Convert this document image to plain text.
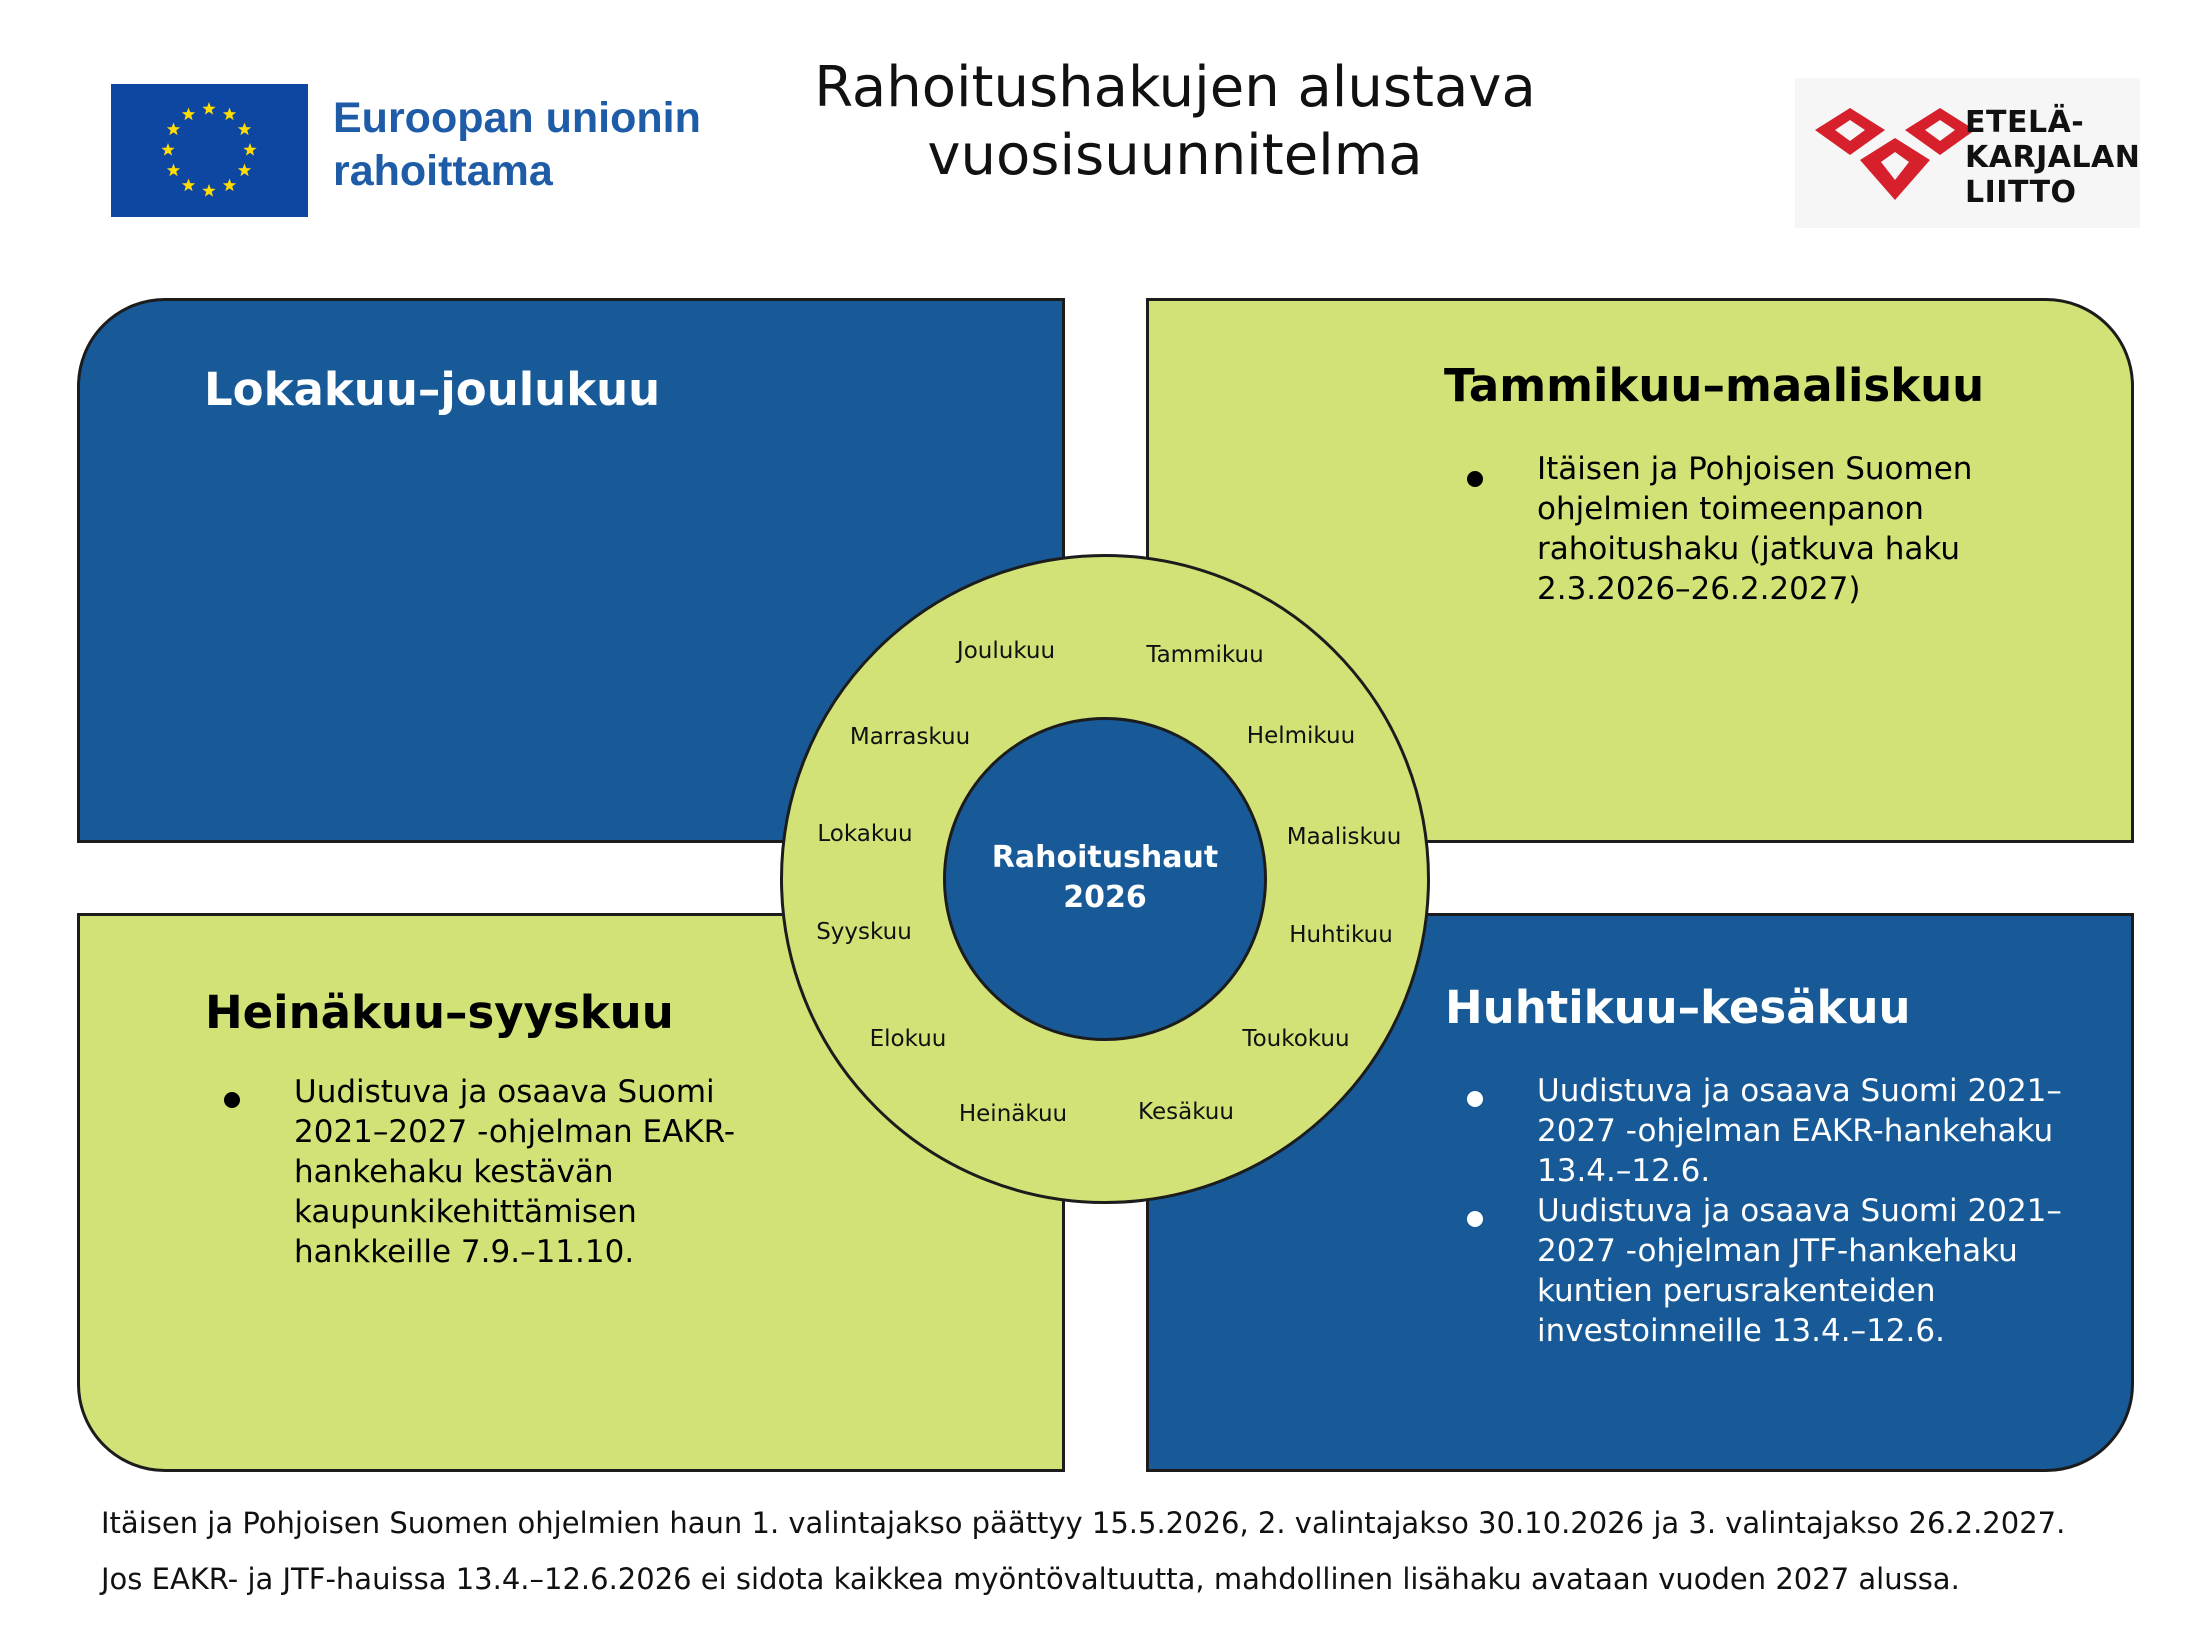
Euroopan unionin
rahoittama
Rahoitushakujen alustava
vuosisuunnitelma
ETELÄ-
KARJALAN
LIITTO
Lokakuu–joulukuu	Tammikuu–maaliskuu
Itäisen ja Pohjoisen Suomen ohjelmien toimeenpanon rahoitushaku (jatkuva haku 2.3.2026–26.2.2027)
Heinäkuu–syyskuu
Uudistuva ja osaava Suomi 2021–2027 -ohjelman EAKR-hankehaku kestävän kaupunkikehittämisen hankkeille 7.9.–11.10.
Huhtikuu–kesäkuu
Uudistuva ja osaava Suomi 2021–2027 -ohjelman EAKR-hankehaku 13.4.–12.6.
Uudistuva ja osaava Suomi 2021–2027 -ohjelman JTF-hankehaku kuntien perusrakenteiden investoinneille 13.4.–12.6.
Rahoitushaut
2026
Tammikuu
Helmikuu
Maaliskuu
Huhtikuu
Toukokuu
Kesäkuu
Heinäkuu
Elokuu
Syyskuu
Lokakuu
Marraskuu
Joulukuu
Itäisen ja Pohjoisen Suomen ohjelmien haun 1. valintajakso päättyy 15.5.2026, 2. valintajakso 30.10.2026 ja 3. valintajakso 26.2.2027.
Jos EAKR- ja JTF-hauissa 13.4.–12.6.2026 ei sidota kaikkea myöntövaltuutta, mahdollinen lisähaku avataan vuoden 2027 alussa.
